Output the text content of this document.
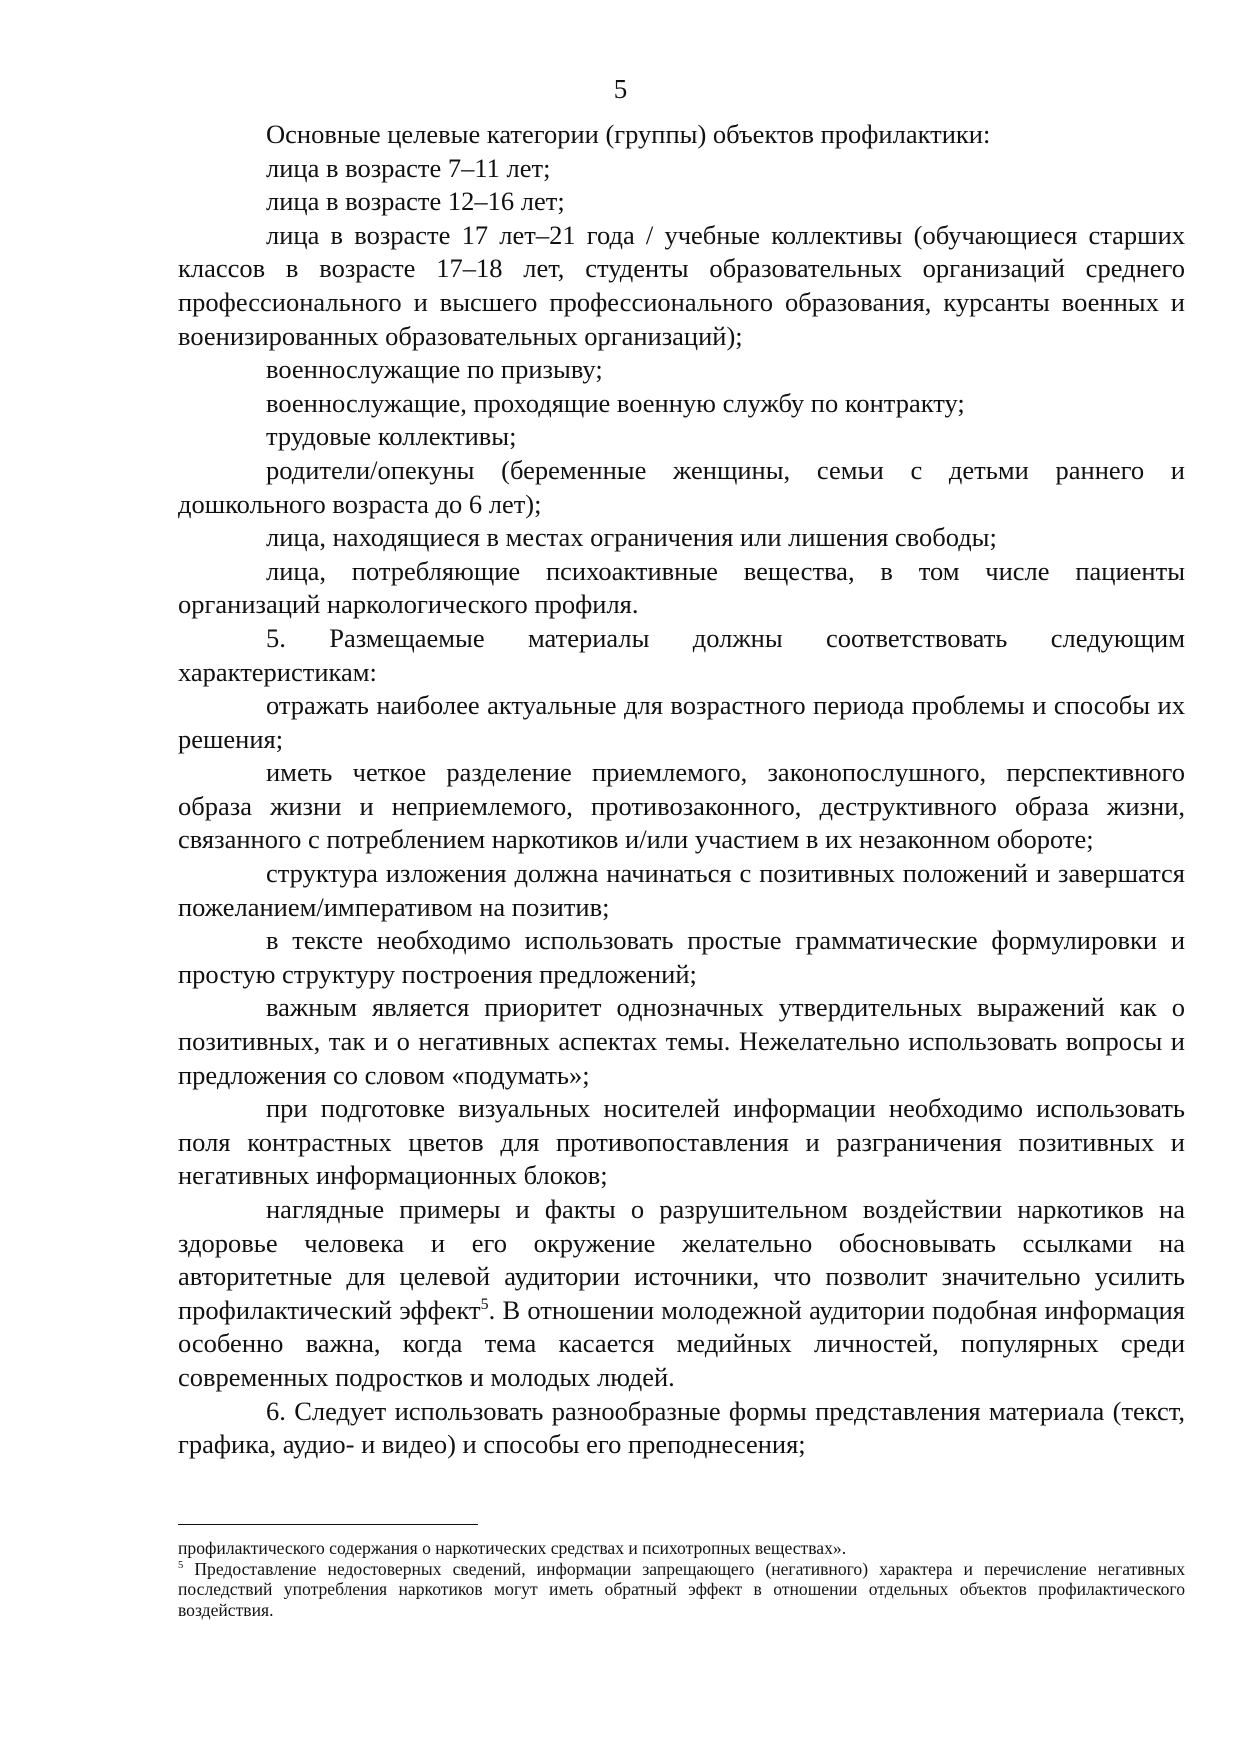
5

Основные целевые категории (группы) объектов профилактики:

лица в возрасте 7–11 лет;

лица в возрасте 12–16 лет;

лица в возрасте 17 лет–21 года / учебные коллективы (обучающиеся старших классов в возрасте 17–18 лет, студенты образовательных организаций среднего профессионального и высшего профессионального образования, курсанты военных и военизированных образовательных организаций);

военнослужащие по призыву;

военнослужащие, проходящие военную службу по контракту;

трудовые коллективы;

родители/опекуны (беременные женщины, семьи с детьми раннего и дошкольного возраста до 6 лет);

лица, находящиеся в местах ограничения или лишения свободы;

лица, потребляющие психоактивные вещества, в том числе пациенты организаций наркологического профиля.

5. Размещаемые материалы должны соответствовать следующим характеристикам:

отражать наиболее актуальные для возрастного периода проблемы и способы их решения;

иметь четкое разделение приемлемого, законопослушного, перспективного образа жизни и неприемлемого, противозаконного, деструктивного образа жизни, связанного с потреблением наркотиков и/или участием в их незаконном обороте;

структура изложения должна начинаться с позитивных положений и завершатся пожеланием/императивом на позитив;

в тексте необходимо использовать простые грамматические формулировки и простую структуру построения предложений;

важным является приоритет однозначных утвердительных выражений как о позитивных, так и о негативных аспектах темы. Нежелательно использовать вопросы и предложения со словом «подумать»;

при подготовке визуальных носителей информации необходимо использовать поля контрастных цветов для противопоставления и разграничения позитивных и негативных информационных блоков;

наглядные примеры и факты о разрушительном воздействии наркотиков на здоровье человека и его окружение желательно обосновывать ссылками на авторитетные для целевой аудитории источники, что позволит значительно усилить профилактический эффект$^5$. В отношении молодежной аудитории подобная информация особенно важна, когда тема касается медийных личностей, популярных среди современных подростков и молодых людей.

6. Следует использовать разнообразные формы представления материала (текст, графика, аудио- и видео) и способы его преподнесения;

профилактического содержания о наркотических средствах и психотропных веществах».

$^5$ Предоставление недостоверных сведений, информации запрещающего (негативного) характера и перечисление негативных последствий употребления наркотиков могут иметь обратный эффект в отношении отдельных объектов профилактического воздействия.
